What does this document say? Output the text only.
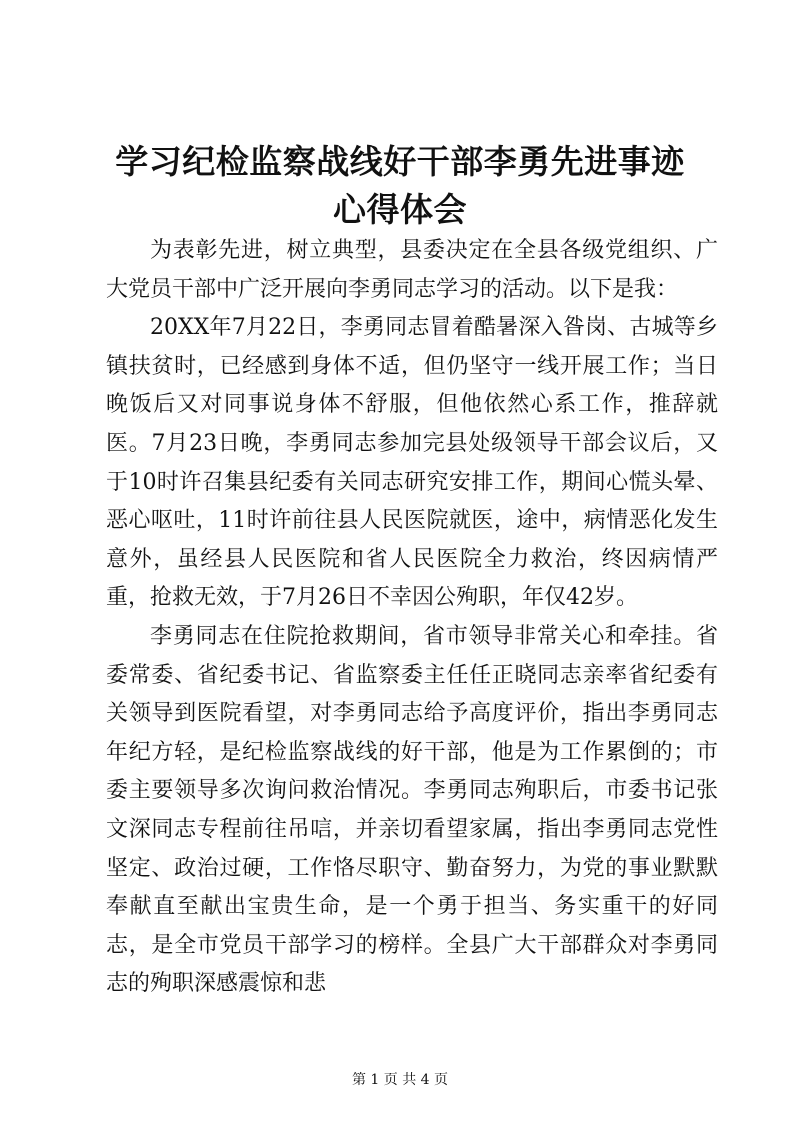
学习纪检监察战线好干部李勇先进事迹心得体会

为表彰先进，树立典型，县委决定在全县各级党组织、广大党员干部中广泛开展向李勇同志学习的活动。以下是我：

20XX年7月22日，李勇同志冒着酷暑深入昝岗、古城等乡镇扶贫时，已经感到身体不适，但仍坚守一线开展工作；当日晚饭后又对同事说身体不舒服，但他依然心系工作，推辞就医。7月23日晚，李勇同志参加完县处级领导干部会议后，又于10时许召集县纪委有关同志研究安排工作，期间心慌头晕、恶心呕吐，11时许前往县人民医院就医，途中，病情恶化发生意外，虽经县人民医院和省人民医院全力救治，终因病情严重，抢救无效，于7月26日不幸因公殉职，年仅42岁。

李勇同志在住院抢救期间，省市领导非常关心和牵挂。省委常委、省纪委书记、省监察委主任任正晓同志亲率省纪委有关领导到医院看望，对李勇同志给予高度评价，指出李勇同志年纪方轻，是纪检监察战线的好干部，他是为工作累倒的；市委主要领导多次询问救治情况。李勇同志殉职后，市委书记张文深同志专程前往吊唁，并亲切看望家属，指出李勇同志党性坚定、政治过硬，工作恪尽职守、勤奋努力，为党的事业默默奉献直至献出宝贵生命，是一个勇于担当、务实重干的好同志，是全市党员干部学习的榜样。全县广大干部群众对李勇同志的殉职深感震惊和悲

第 1 页 共 4 页
